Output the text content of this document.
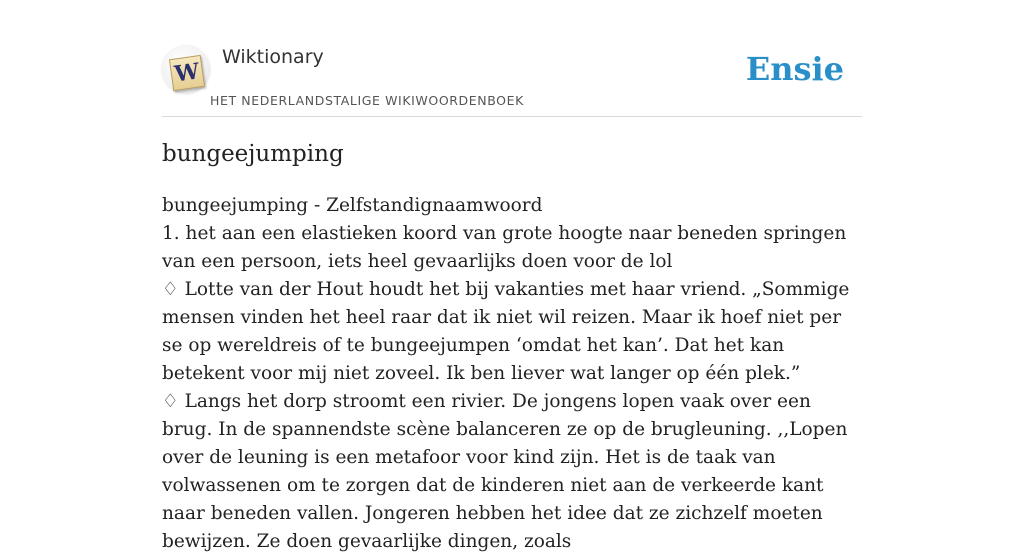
W
Wiktionary
HET NEDERLANDSTALIGE WIKIWOORDENBOEK
Ensie
bungeejumping

bungeejumping - Zelfstandignaamwoord

1. het aan een elastieken koord van grote hoogte naar beneden springen van een persoon, iets heel gevaarlijks doen voor de lol

♢ Lotte van der Hout houdt het bij vakanties met haar vriend. „Sommige mensen vinden het heel raar dat ik niet wil reizen. Maar ik hoef niet per se op wereldreis of te bungeejumpen ‘omdat het kan’. Dat het kan betekent voor mij niet zoveel. Ik ben liever wat langer op één plek.”

♢ Langs het dorp stroomt een rivier. De jongens lopen vaak over een brug. In de spannendste scène balanceren ze op de brugleuning. ,,Lopen over de leuning is een metafoor voor kind zijn. Het is de taak van volwassenen om te zorgen dat de kinderen niet aan de verkeerde kant naar beneden vallen. Jongeren hebben het idee dat ze zichzelf moeten bewijzen. Ze doen gevaarlijke dingen, zoals
